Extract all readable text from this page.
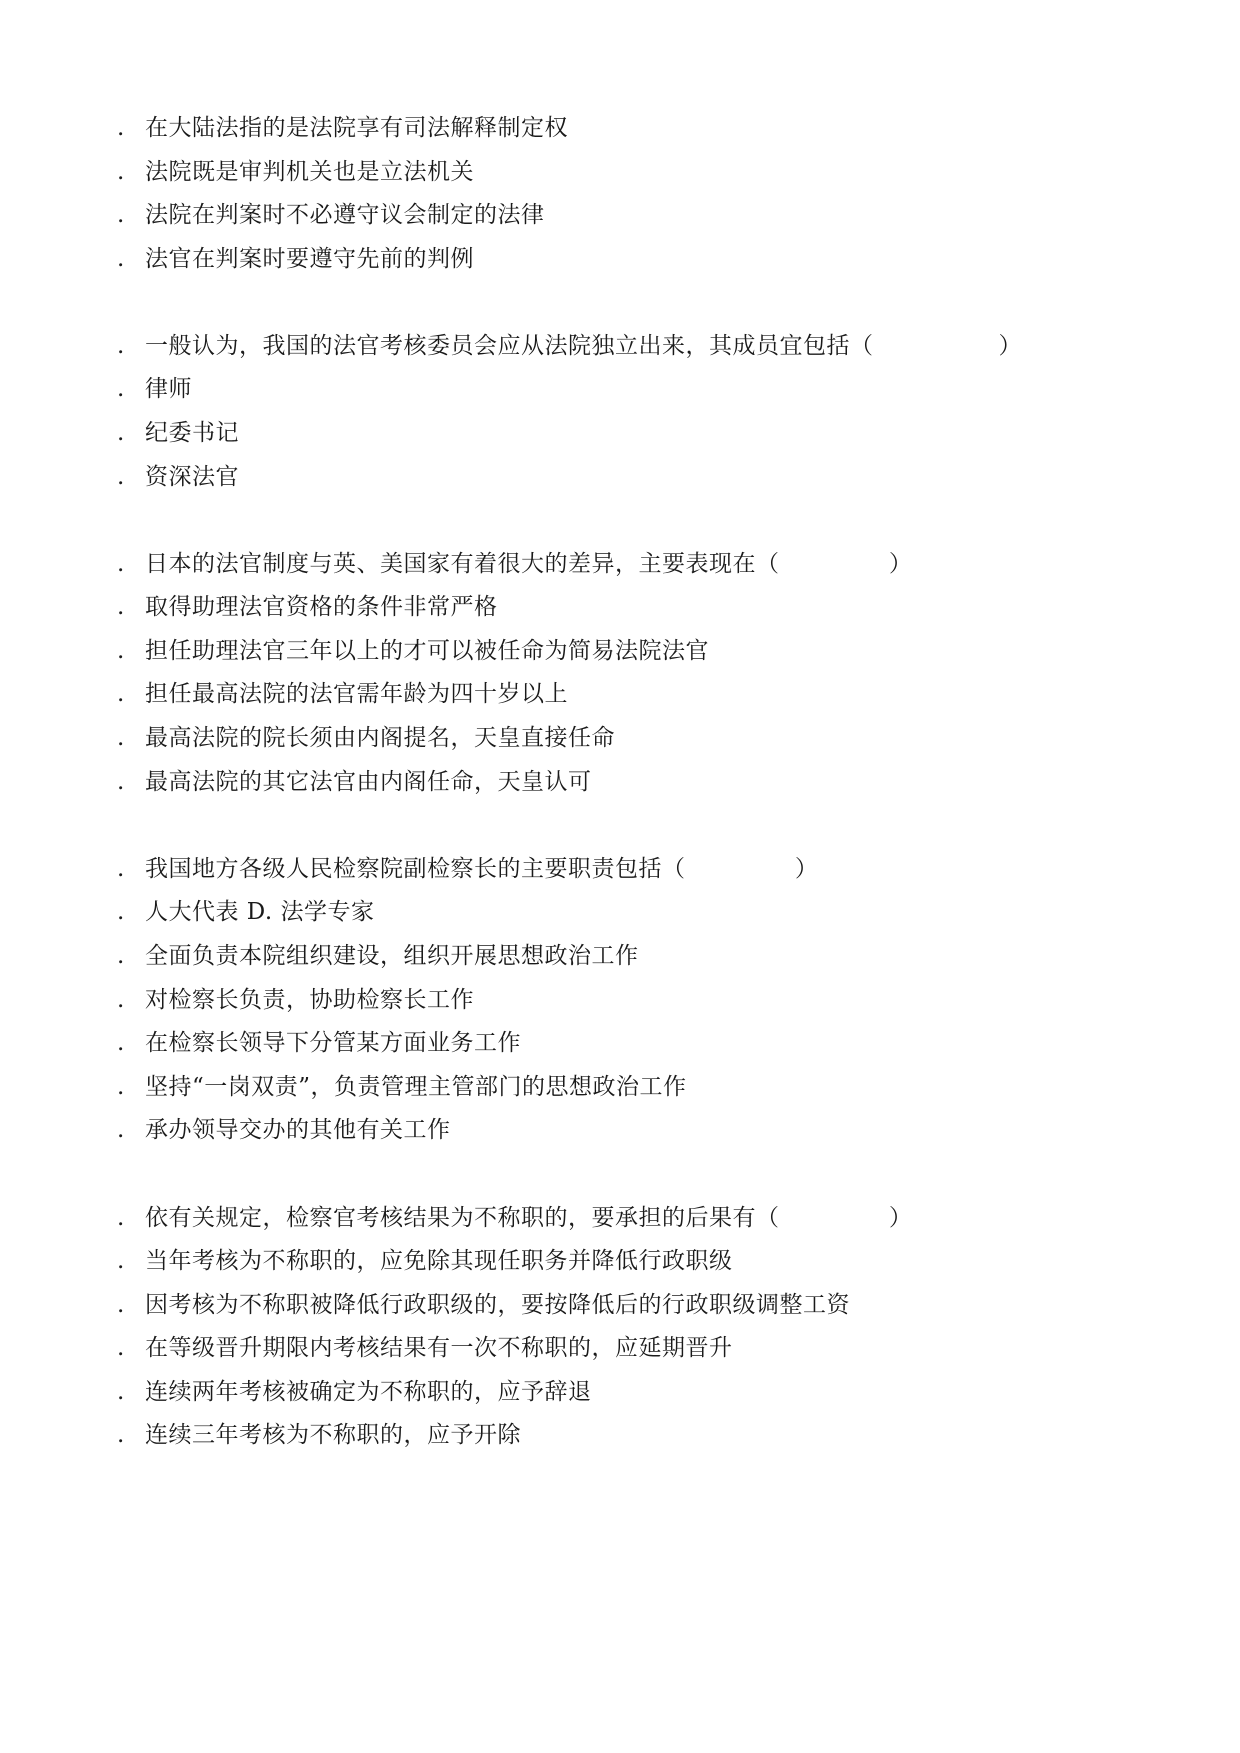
. 在大陆法指的是法院享有司法解释制定权
. 法院既是审判机关也是立法机关
. 法院在判案时不必遵守议会制定的法律
. 法官在判案时要遵守先前的判例
. 一般认为，我国的法官考核委员会应从法院独立出来，其成员宜包括（                ）
. 律师
. 纪委书记
. 资深法官
. 日本的法官制度与英、美国家有着很大的差异，主要表现在（              ）
. 取得助理法官资格的条件非常严格
. 担任助理法官三年以上的才可以被任命为简易法院法官
. 担任最高法院的法官需年龄为四十岁以上
. 最高法院的院长须由内阁提名，天皇直接任命
. 最高法院的其它法官由内阁任命，天皇认可
. 我国地方各级人民检察院副检察长的主要职责包括（              ）
. 人大代表 D. 法学专家
. 全面负责本院组织建设，组织开展思想政治工作
. 对检察长负责，协助检察长工作
. 在检察长领导下分管某方面业务工作
. 坚持“一岗双责”，负责管理主管部门的思想政治工作
. 承办领导交办的其他有关工作
. 依有关规定，检察官考核结果为不称职的，要承担的后果有（              ）
. 当年考核为不称职的，应免除其现任职务并降低行政职级
. 因考核为不称职被降低行政职级的，要按降低后的行政职级调整工资
. 在等级晋升期限内考核结果有一次不称职的，应延期晋升
. 连续两年考核被确定为不称职的，应予辞退
. 连续三年考核为不称职的，应予开除
